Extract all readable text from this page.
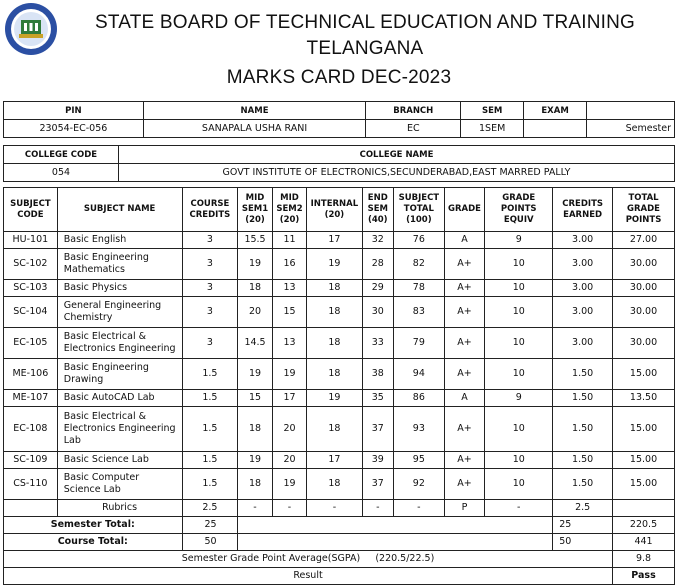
STATE BOARD OF TECHNICAL EDUCATION AND TRAINING
TELANGANA
MARKS CARD DEC-2023
PIN	NAME	BRANCH	SEM	EXAM	
23054-EC-056	SANAPALA USHA RANI	EC	1SEM		Semester
COLLEGE CODE	COLLEGE NAME
054	GOVT INSTITUTE OF ELECTRONICS,SECUNDERABAD,EAST MARRED PALLY
SUBJECT CODE	SUBJECT NAME	COURSE CREDITS	MID SEM1 (20)	MID SEM2 (20)	INTERNAL (20)	END SEM (40)	SUBJECT TOTAL (100)	GRADE	GRADE POINTS EQUIV	CREDITS EARNED	TOTAL GRADE POINTS
HU-101	Basic English	3	15.5	11	17	32	76	A	9	3.00	27.00
SC-102	Basic Engineering Mathematics	3	19	16	19	28	82	A+	10	3.00	30.00
SC-103	Basic Physics	3	18	13	18	29	78	A+	10	3.00	30.00
SC-104	General Engineering Chemistry	3	20	15	18	30	83	A+	10	3.00	30.00
EC-105	Basic Electrical & Electronics Engineering	3	14.5	13	18	33	79	A+	10	3.00	30.00
ME-106	Basic Engineering Drawing	1.5	19	19	18	38	94	A+	10	1.50	15.00
ME-107	Basic AutoCAD Lab	1.5	15	17	19	35	86	A	9	1.50	13.50
EC-108	Basic Electrical & Electronics Engineering Lab	1.5	18	20	18	37	93	A+	10	1.50	15.00
SC-109	Basic Science Lab	1.5	19	20	17	39	95	A+	10	1.50	15.00
CS-110	Basic Computer Science Lab	1.5	18	19	18	37	92	A+	10	1.50	15.00
	Rubrics	2.5	-	-	-	-	-	P	-	2.5	
Semester Total:		25								25	220.5
Course Total:		50								50	441
Semester Grade Point Average(SGPA) (220.5/22.5)											9.8
Result											Pass
